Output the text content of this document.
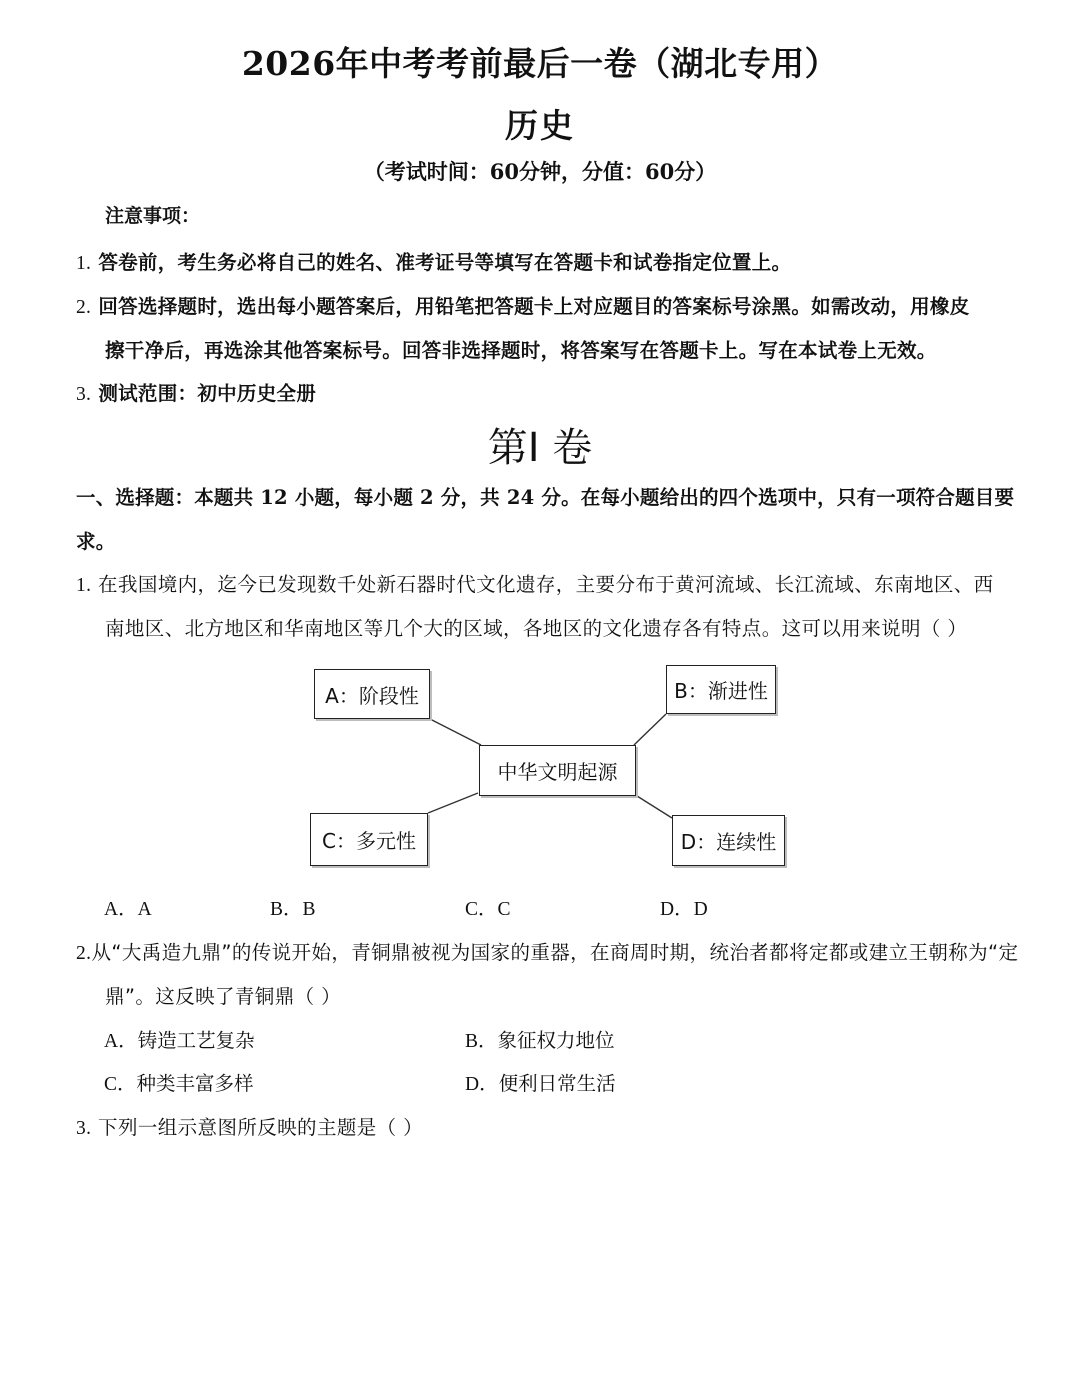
2026年中考考前最后一卷（湖北专用）
历史
（考试时间：60分钟，分值：60分）
注意事项：
1. 答卷前，考生务必将自己的姓名、准考证号等填写在答题卡和试卷指定位置上。
2. 回答选择题时，选出每小题答案后，用铅笔把答题卡上对应题目的答案标号涂黑。如需改动，用橡皮
擦干净后，再选涂其他答案标号。回答非选择题时，将答案写在答题卡上。写在本试卷上无效。
3. 测试范围：初中历史全册
第Ⅰ 卷
一、选择题：本题共 12 小题，每小题 2 分，共 24 分。在每小题给出的四个选项中，只有一项符合题目要
求。
1. 在我国境内，迄今已发现数千处新石器时代文化遗存，主要分布于黄河流域、长江流域、东南地区、西
南地区、北方地区和华南地区等几个大的区域，各地区的文化遗存各有特点。这可以用来说明（ ）
A：阶段性	B：渐进性
中华文明起源
C：多元性	D：连续性
A．A	B．B	C．C	D．D
2.从“大禹造九鼎”的传说开始，青铜鼎被视为国家的重器，在商周时期，统治者都将定都或建立王朝称为“定
鼎”。这反映了青铜鼎（ ）
A．铸造工艺复杂	B．象征权力地位
C．种类丰富多样	D．便利日常生活
3. 下列一组示意图所反映的主题是（ ）
